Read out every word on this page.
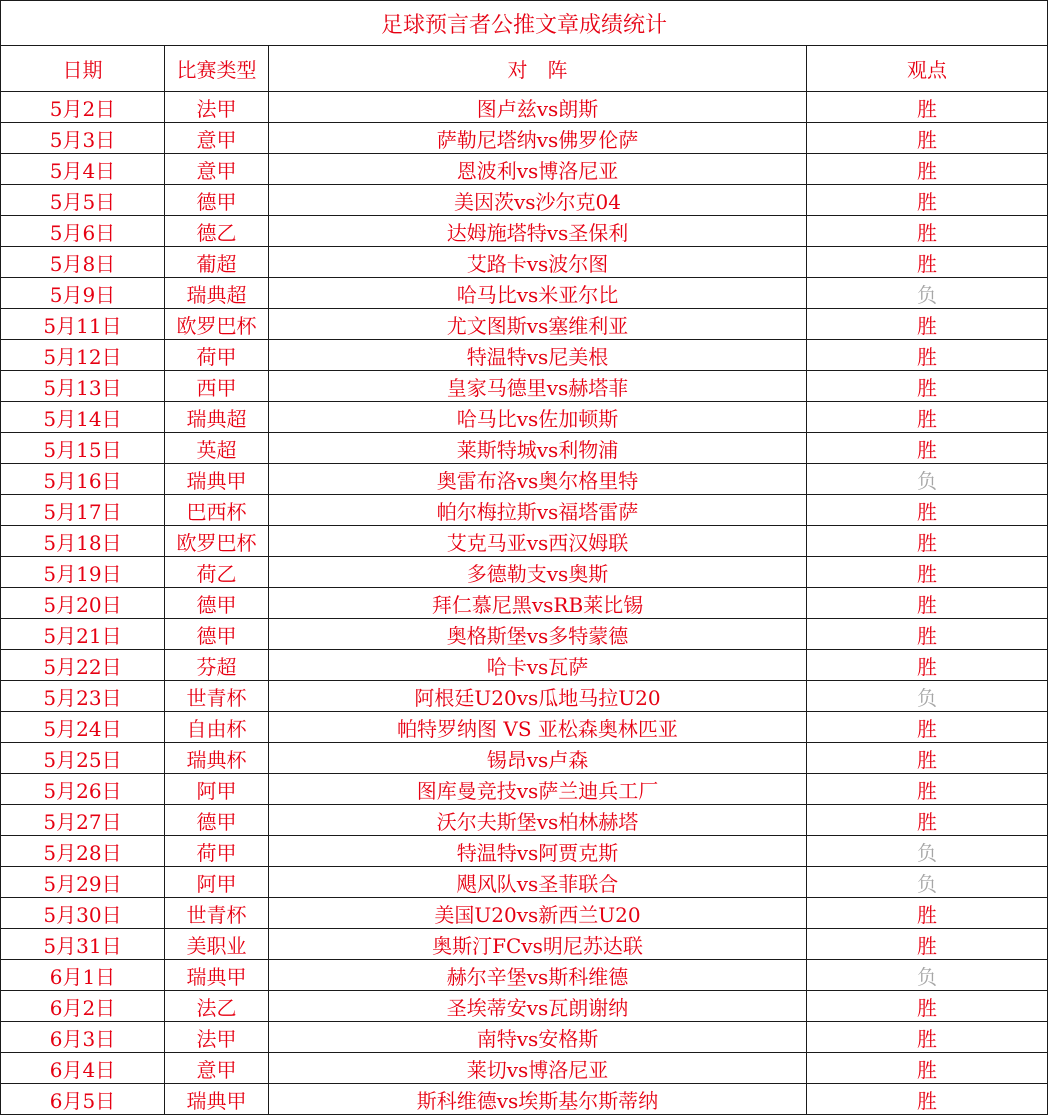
足球预言者公推文章成绩统计			
日期	比赛类型	对　阵	观点
5月2日	法甲	图卢兹vs朗斯	胜
5月3日	意甲	萨勒尼塔纳vs佛罗伦萨	胜
5月4日	意甲	恩波利vs博洛尼亚	胜
5月5日	德甲	美因茨vs沙尔克04	胜
5月6日	德乙	达姆施塔特vs圣保利	胜
5月8日	葡超	艾路卡vs波尔图	胜
5月9日	瑞典超	哈马比vs米亚尔比	负
5月11日	欧罗巴杯	尤文图斯vs塞维利亚	胜
5月12日	荷甲	特温特vs尼美根	胜
5月13日	西甲	皇家马德里vs赫塔菲	胜
5月14日	瑞典超	哈马比vs佐加顿斯	胜
5月15日	英超	莱斯特城vs利物浦	胜
5月16日	瑞典甲	奥雷布洛vs奥尔格里特	负
5月17日	巴西杯	帕尔梅拉斯vs福塔雷萨	胜
5月18日	欧罗巴杯	艾克马亚vs西汉姆联	胜
5月19日	荷乙	多德勒支vs奥斯	胜
5月20日	德甲	拜仁慕尼黑vsRB莱比锡	胜
5月21日	德甲	奥格斯堡vs多特蒙德	胜
5月22日	芬超	哈卡vs瓦萨	胜
5月23日	世青杯	阿根廷U20vs瓜地马拉U20	负
5月24日	自由杯	帕特罗纳图 VS 亚松森奥林匹亚	胜
5月25日	瑞典杯	锡昂vs卢森	胜
5月26日	阿甲	图库曼竞技vs萨兰迪兵工厂	胜
5月27日	德甲	沃尔夫斯堡vs柏林赫塔	胜
5月28日	荷甲	特温特vs阿贾克斯	负
5月29日	阿甲	飓风队vs圣菲联合	负
5月30日	世青杯	美国U20vs新西兰U20	胜
5月31日	美职业	奥斯汀FCvs明尼苏达联	胜
6月1日	瑞典甲	赫尔辛堡vs斯科维德	负
6月2日	法乙	圣埃蒂安vs瓦朗谢纳	胜
6月3日	法甲	南特vs安格斯	胜
6月4日	意甲	莱切vs博洛尼亚	胜
6月5日	瑞典甲	斯科维德vs埃斯基尔斯蒂纳	胜
